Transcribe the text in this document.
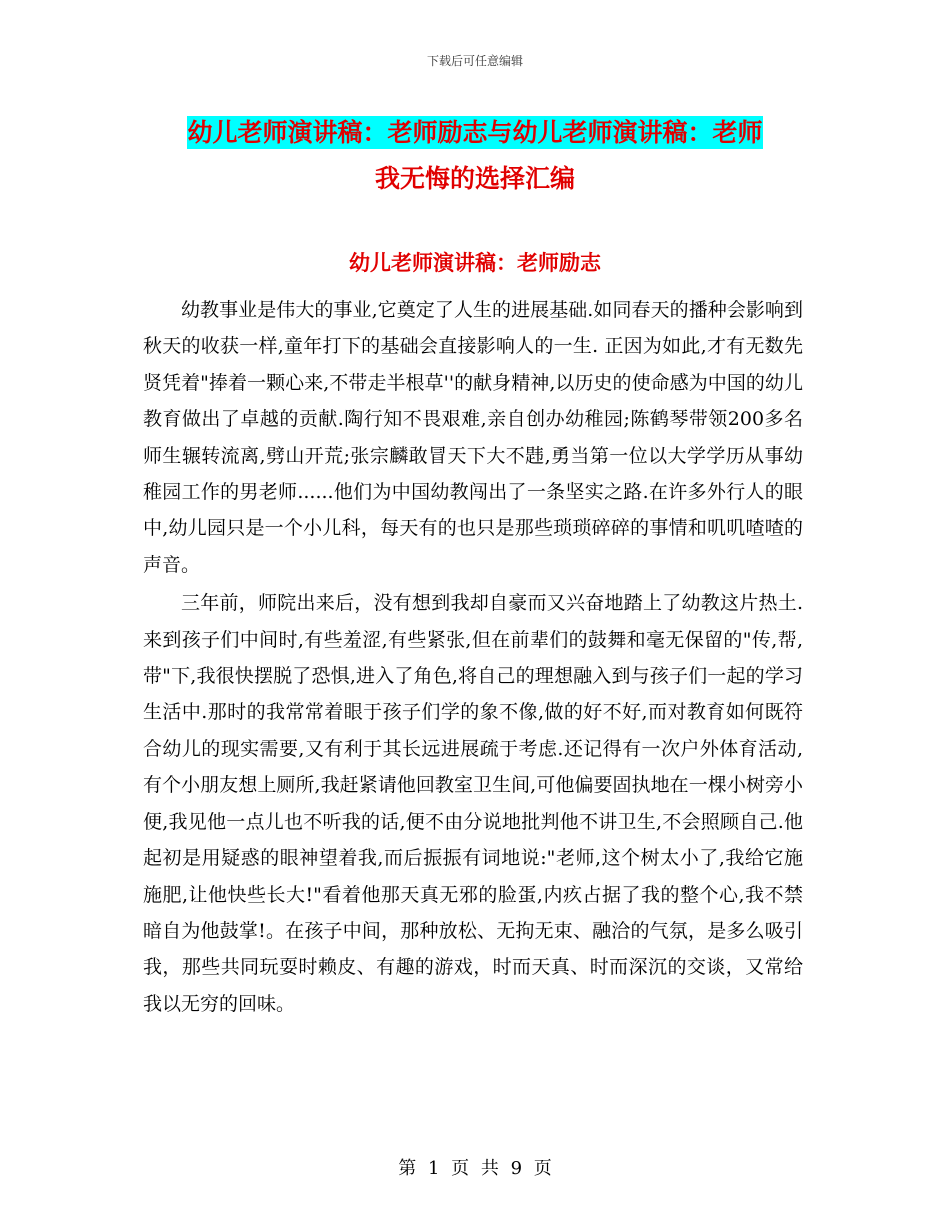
下载后可任意编辑
幼儿老师演讲稿：老师励志与幼儿老师演讲稿：老师
我无悔的选择汇编
幼儿老师演讲稿：老师励志

幼教事业是伟大的事业,它奠定了人生的进展基础.如同春天的播种会影响到秋天的收获一样,童年打下的基础会直接影响人的一生. 正因为如此,才有无数先贤凭着"捧着一颗心来,不带走半根草''的献身精神,以历史的使命感为中国的幼儿教育做出了卓越的贡献.陶行知不畏艰难,亲自创办幼稚园;陈鹤琴带领200多名师生辗转流离,劈山开荒;张宗麟敢冒天下大不韪,勇当第一位以大学学历从事幼稚园工作的男老师......他们为中国幼教闯出了一条坚实之路.在许多外行人的眼中,幼儿园只是一个小儿科，每天有的也只是那些琐琐碎碎的事情和叽叽喳喳的声音。

三年前，师院出来后，没有想到我却自豪而又兴奋地踏上了幼教这片热土.来到孩子们中间时,有些羞涩,有些紧张,但在前辈们的鼓舞和毫无保留的"传,帮,带"下,我很快摆脱了恐惧,进入了角色,将自己的理想融入到与孩子们一起的学习生活中.那时的我常常着眼于孩子们学的象不像,做的好不好,而对教育如何既符合幼儿的现实需要,又有利于其长远进展疏于考虑.还记得有一次户外体育活动,有个小朋友想上厕所,我赶紧请他回教室卫生间,可他偏要固执地在一棵小树旁小便,我见他一点儿也不听我的话,便不由分说地批判他不讲卫生,不会照顾自己.他起初是用疑惑的眼神望着我,而后振振有词地说:"老师,这个树太小了,我给它施施肥,让他快些长大!"看着他那天真无邪的脸蛋,内疚占据了我的整个心,我不禁暗自为他鼓掌!。在孩子中间，那种放松、无拘无束、融洽的气氛，是多么吸引我，那些共同玩耍时赖皮、有趣的游戏，时而天真、时而深沉的交谈，又常给我以无穷的回味。

第 1 页 共 9 页
